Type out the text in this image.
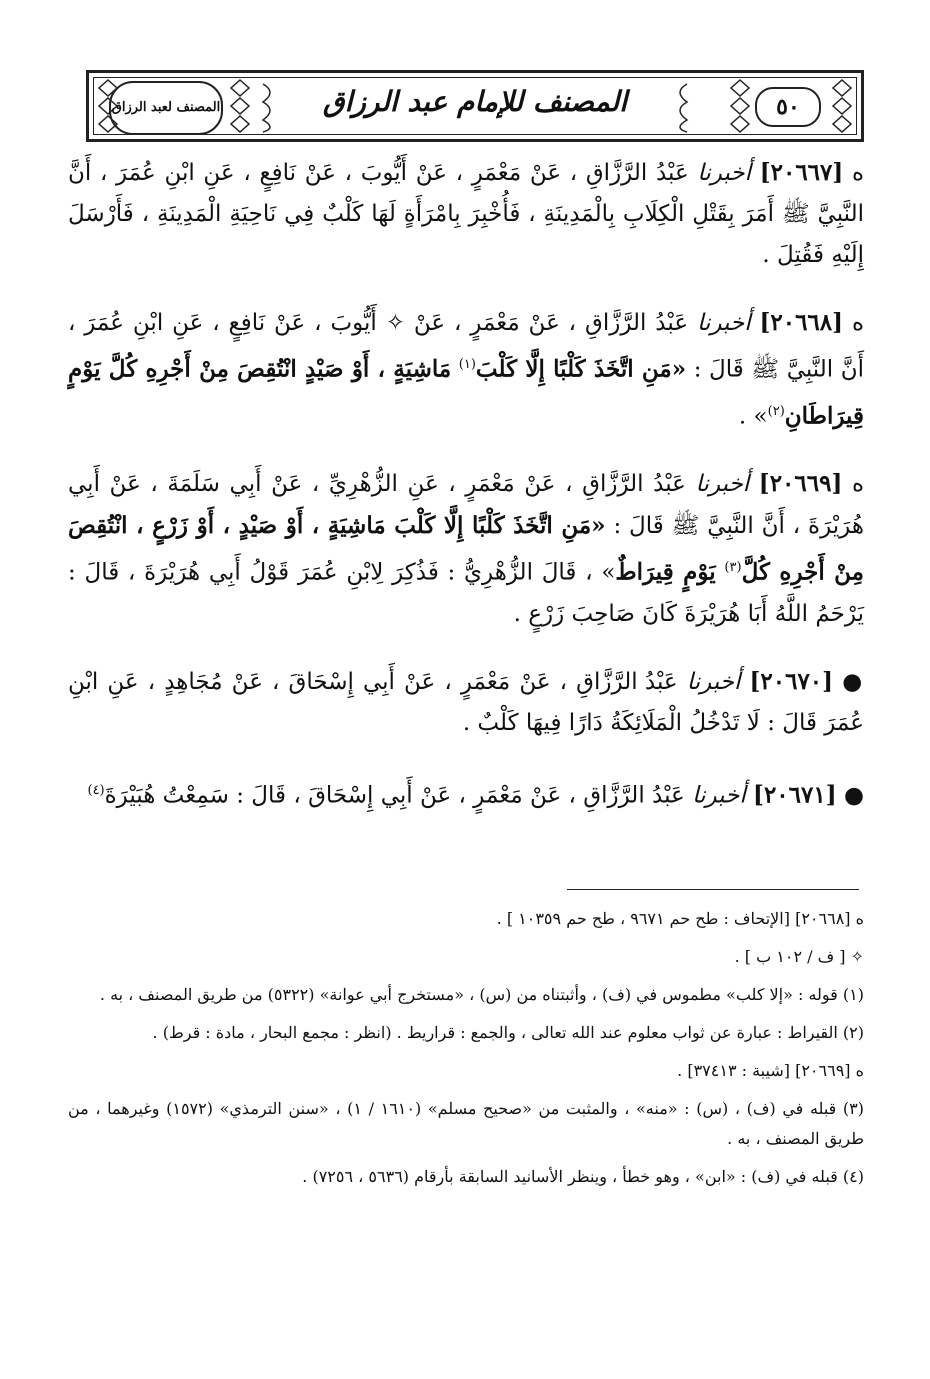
المصنف لعبد الرزاق	المصنف للإمام عبد الرزاق	٥٠

ه [٢٠٦٦٧] أخبرنا عَبْدُ الرَّزَّاقِ ، عَنْ مَعْمَرٍ ، عَنْ أَيُّوبَ ، عَنْ نَافِعٍ ، عَنِ ابْنِ عُمَرَ ، أَنَّ النَّبِيَّ ﷺ أَمَرَ بِقَتْلِ الْكِلَابِ بِالْمَدِينَةِ ، فَأُخْبِرَ بِامْرَأَةٍ لَهَا كَلْبٌ فِي نَاحِيَةِ الْمَدِينَةِ ، فَأَرْسَلَ إِلَيْهِ فَقُتِلَ .

ه [٢٠٦٦٨] أخبرنا عَبْدُ الرَّزَّاقِ ، عَنْ مَعْمَرٍ ، عَنْ ✧ أَيُّوبَ ، عَنْ نَافِعٍ ، عَنِ ابْنِ عُمَرَ ، أَنَّ النَّبِيَّ ﷺ قَالَ : «مَنِ اتَّخَذَ كَلْبًا إِلَّا كَلْبَ$^{(١)}$ مَاشِيَةٍ ، أَوْ صَيْدٍ انْتُقِصَ مِنْ أَجْرِهِ كُلَّ يَوْمٍ قِيرَاطَانِ$^{(٢)}$» .

ه [٢٠٦٦٩] أخبرنا عَبْدُ الرَّزَّاقِ ، عَنْ مَعْمَرٍ ، عَنِ الزُّهْرِيِّ ، عَنْ أَبِي سَلَمَةَ ، عَنْ أَبِي هُرَيْرَةَ ، أَنَّ النَّبِيَّ ﷺ قَالَ : «مَنِ اتَّخَذَ كَلْبًا إِلَّا كَلْبَ مَاشِيَةٍ ، أَوْ صَيْدٍ ، أَوْ زَرْعٍ ، انْتُقِصَ مِنْ أَجْرِهِ كُلَّ$^{(٣)}$ يَوْمٍ قِيرَاطٌ» ، قَالَ الزُّهْرِيُّ : فَذُكِرَ لِابْنِ عُمَرَ قَوْلُ أَبِي هُرَيْرَةَ ، قَالَ : يَرْحَمُ اللَّهُ أَبَا هُرَيْرَةَ كَانَ صَاحِبَ زَرْعٍ .

● [٢٠٦٧٠] أخبرنا عَبْدُ الرَّزَّاقِ ، عَنْ مَعْمَرٍ ، عَنْ أَبِي إِسْحَاقَ ، عَنْ مُجَاهِدٍ ، عَنِ ابْنِ عُمَرَ قَالَ : لَا تَدْخُلُ الْمَلَائِكَةُ دَارًا فِيهَا كَلْبٌ .

● [٢٠٦٧١] أخبرنا عَبْدُ الرَّزَّاقِ ، عَنْ مَعْمَرٍ ، عَنْ أَبِي إِسْحَاقَ ، قَالَ : سَمِعْتُ هُبَيْرَةَ$^{(٤)}$

ه [٢٠٦٦٨] [الإتحاف : طح حم ٩٦٧١ ، طح حم ١٠٣٥٩ ] .

✧ [ ف / ١٠٢ ب ] .

(١) قوله : «إلا كلب» مطموس في (ف) ، وأثبتناه من (س) ، «مستخرج أبي عوانة» (٥٣٢٢) من طريق المصنف ، به .

(٢) القيراط : عبارة عن ثواب معلوم عند الله تعالى ، والجمع : قراريط . (انظر : مجمع البحار ، مادة : قرط) .

ه [٢٠٦٦٩] [شيبة : ٣٧٤١٣] .

(٣) قبله في (ف) ، (س) : «منه» ، والمثبت من «صحيح مسلم» (١٦١٠ / ١) ، «سنن الترمذي» (١٥٧٢) وغيرهما ، من طريق المصنف ، به .

(٤) قبله في (ف) : «ابن» ، وهو خطأ ، وينظر الأسانيد السابقة بأرقام (٥٦٣٦ ، ٧٢٥٦) .
